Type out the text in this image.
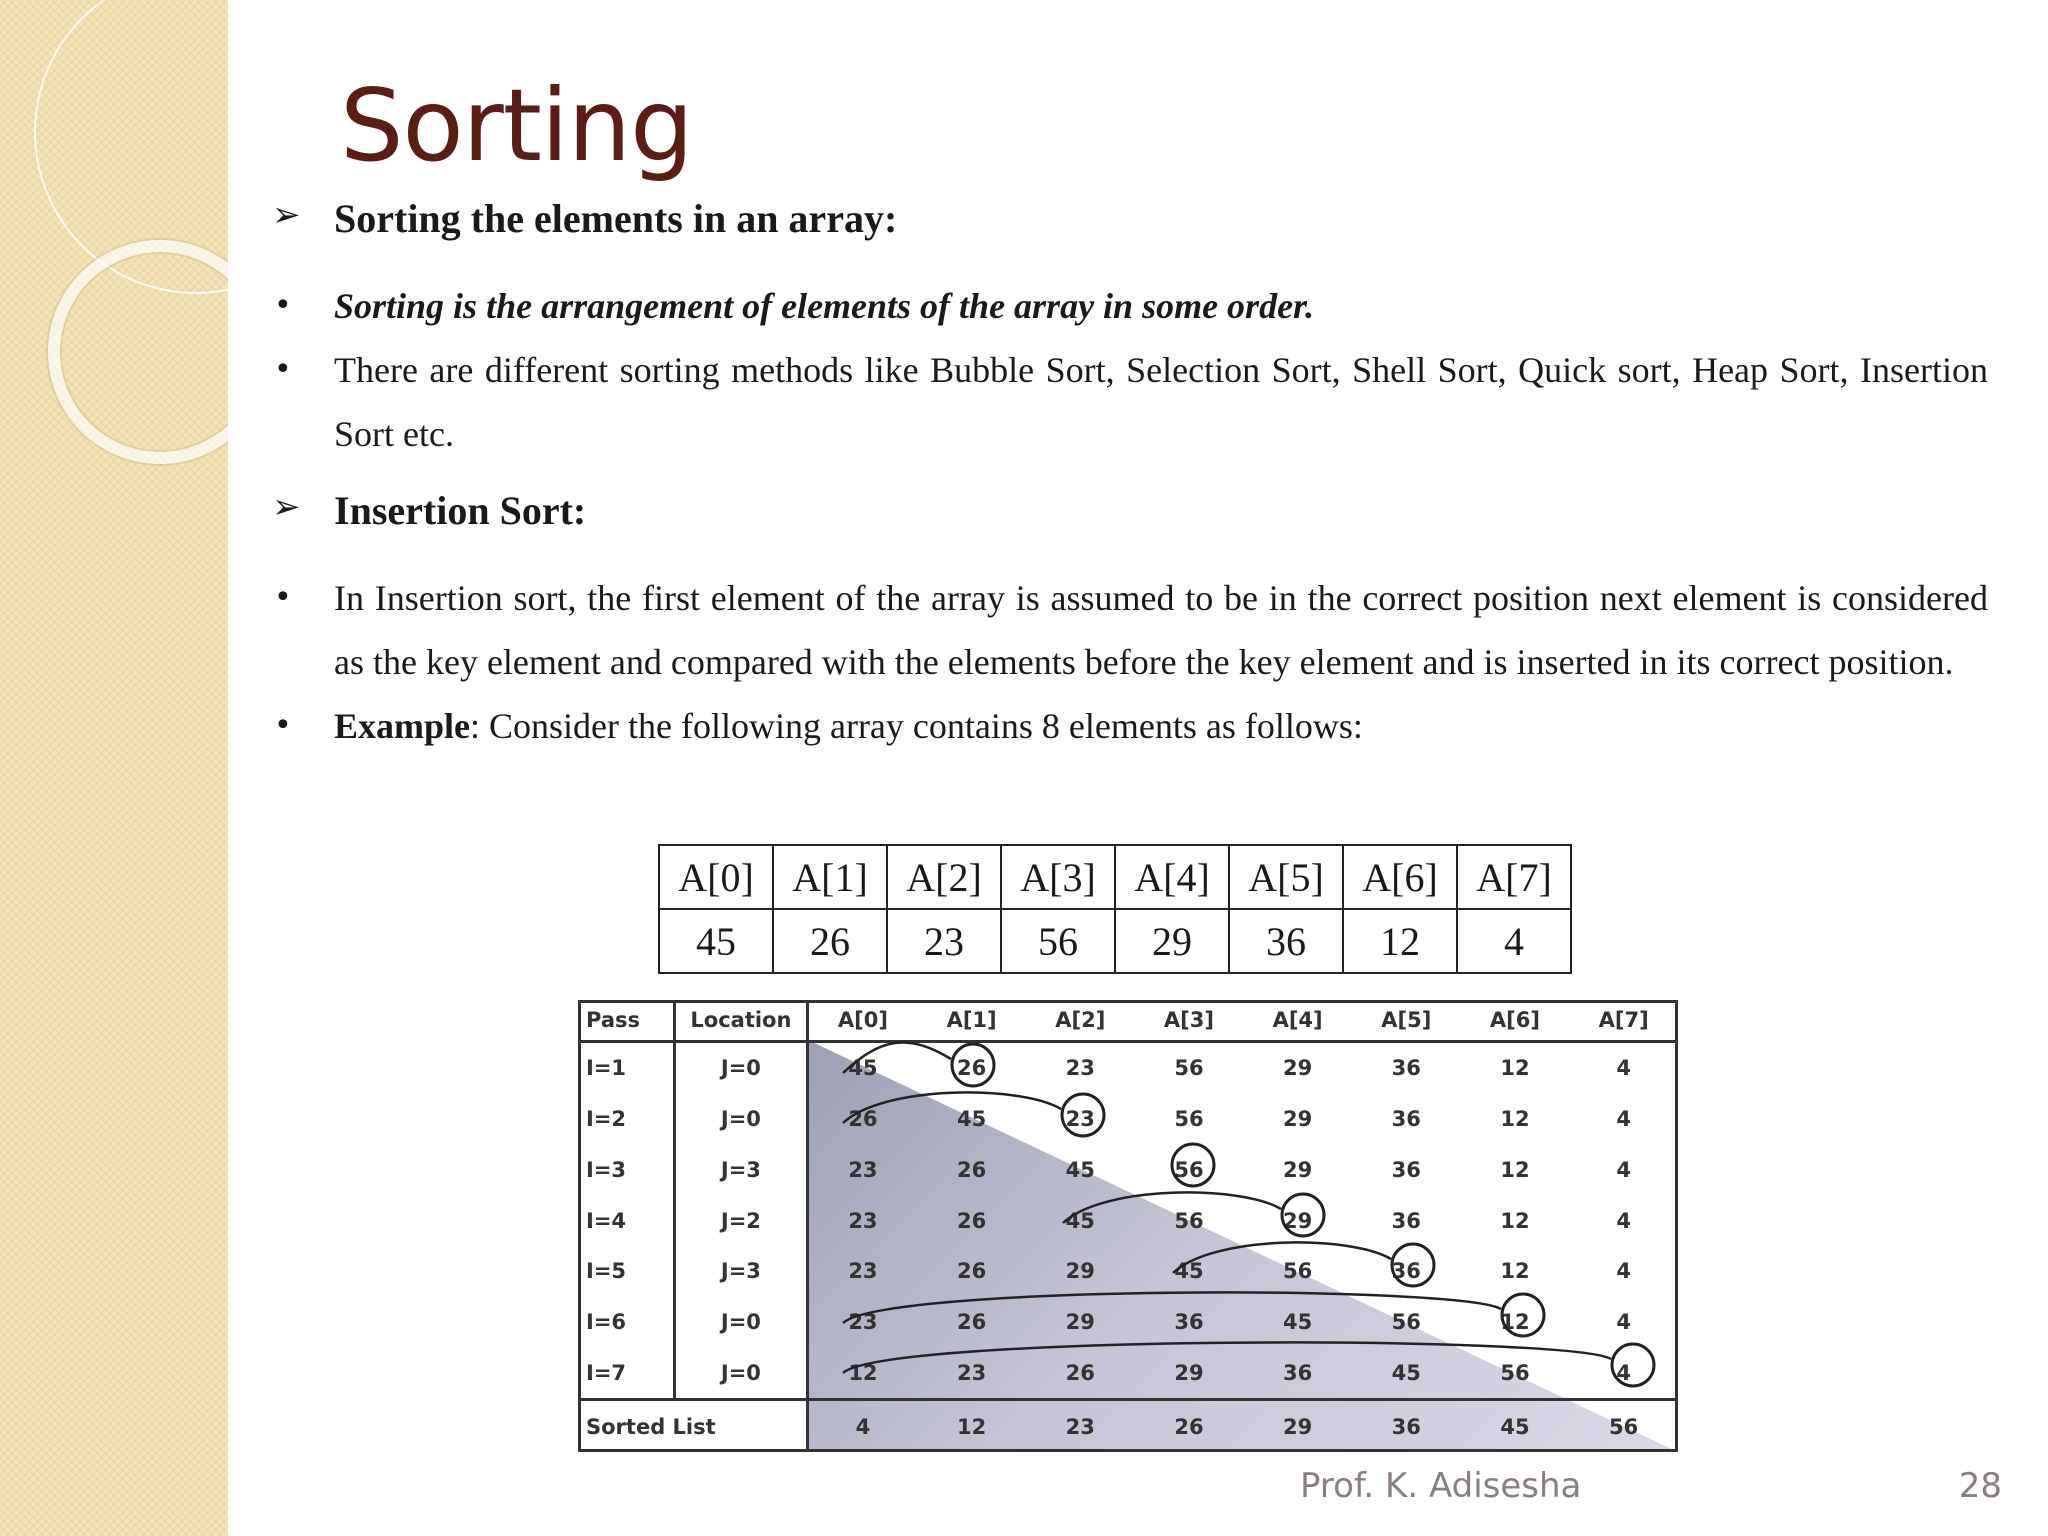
Sorting

➢ Sorting the elements in an array:

• Sorting is the arrangement of elements of the array in some order.

• There are different sorting methods like Bubble Sort, Selection Sort, Shell Sort, Quick sort, Heap Sort, Insertion Sort etc.

➢ Insertion Sort:

• In Insertion sort, the first element of the array is assumed to be in the correct position next element is considered as the key element and compared with the elements before the key element and is inserted in its correct position.

• Example: Consider the following array contains 8 elements as follows:

A[0]	A[1]	A[2]	A[3]	A[4]	A[5]	A[6]	A[7]
45	26	23	56	29	36	12	4
Pass	Location	A[0]	A[1]	A[2]	A[3]	A[4]	A[5]	A[6]	A[7]
I=1	J=0	45	26	23	56	29	36	12	4
I=2	J=0	26	45	23	56	29	36	12	4
I=3	J=3	23	26	45	56	29	36	12	4
I=4	J=2	23	26	45	56	29	36	12	4
I=5	J=3	23	26	29	45	56	36	12	4
I=6	J=0	23	26	29	36	45	56	12	4
I=7	J=0	12	23	26	29	36	45	56	4
Sorted List		4	12	23	26	29	36	45	56
Prof. K. Adisesha	28
